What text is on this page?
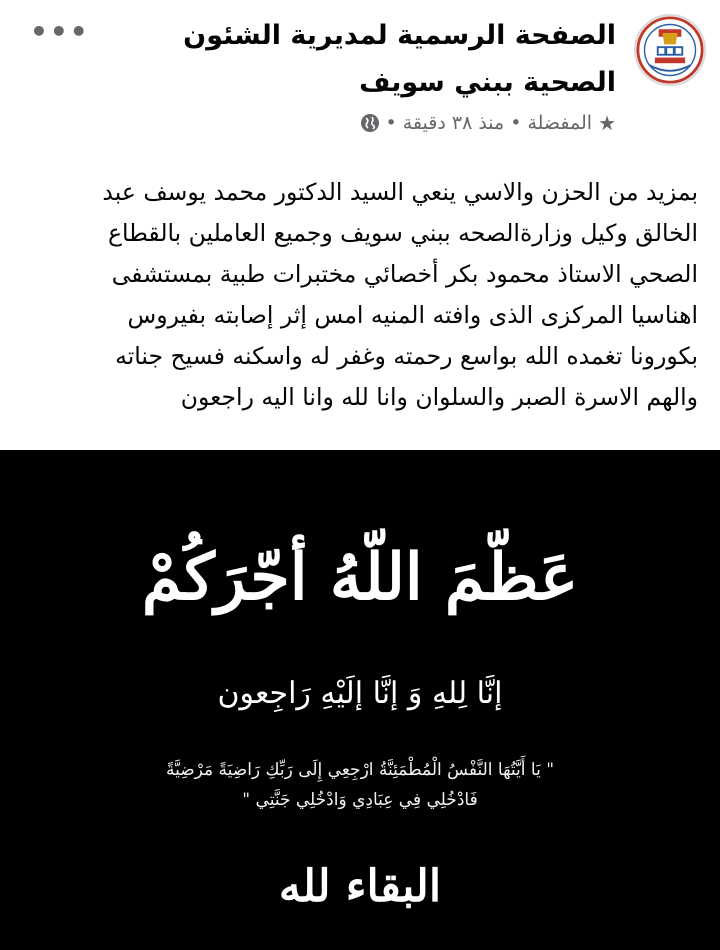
الصفحة الرسمية لمديرية الشئون الصحية ببني سويف
★
المفضلة
•
منذ ٣٨ دقيقة
•
•••
بمزيد من الحزن والاسي ينعي السيد الدكتور محمد يوسف عبد
الخالق وكيل وزارةالصحه ببني سويف وجميع العاملين بالقطاع
الصحي الاستاذ محمود بكر أخصائي مختبرات طبية بمستشفى
اهناسيا المركزى الذى وافته المنيه امس إثر إصابته بفيروس
بكورونا تغمده الله بواسع رحمته وغفر له واسكنه فسيح جناته
والهم الاسرة الصبر والسلوان وانا لله وانا اليه راجعون
عَظّمَ اللّهُ أجّرَكُمْ
إنَّا لِلهِ وَ إنَّا إلَيْهِ رَاجِعون
" يَا أَيَّتُهَا النَّفْسُ الْمُطْمَئِنَّةُ ارْجِعِي إِلَى رَبِّكِ رَاضِيَةً مَرْضِيَّةً
فَادْخُلِي فِي عِبَادِي وَادْخُلِي جَنَّتِي "
البقاء لله
